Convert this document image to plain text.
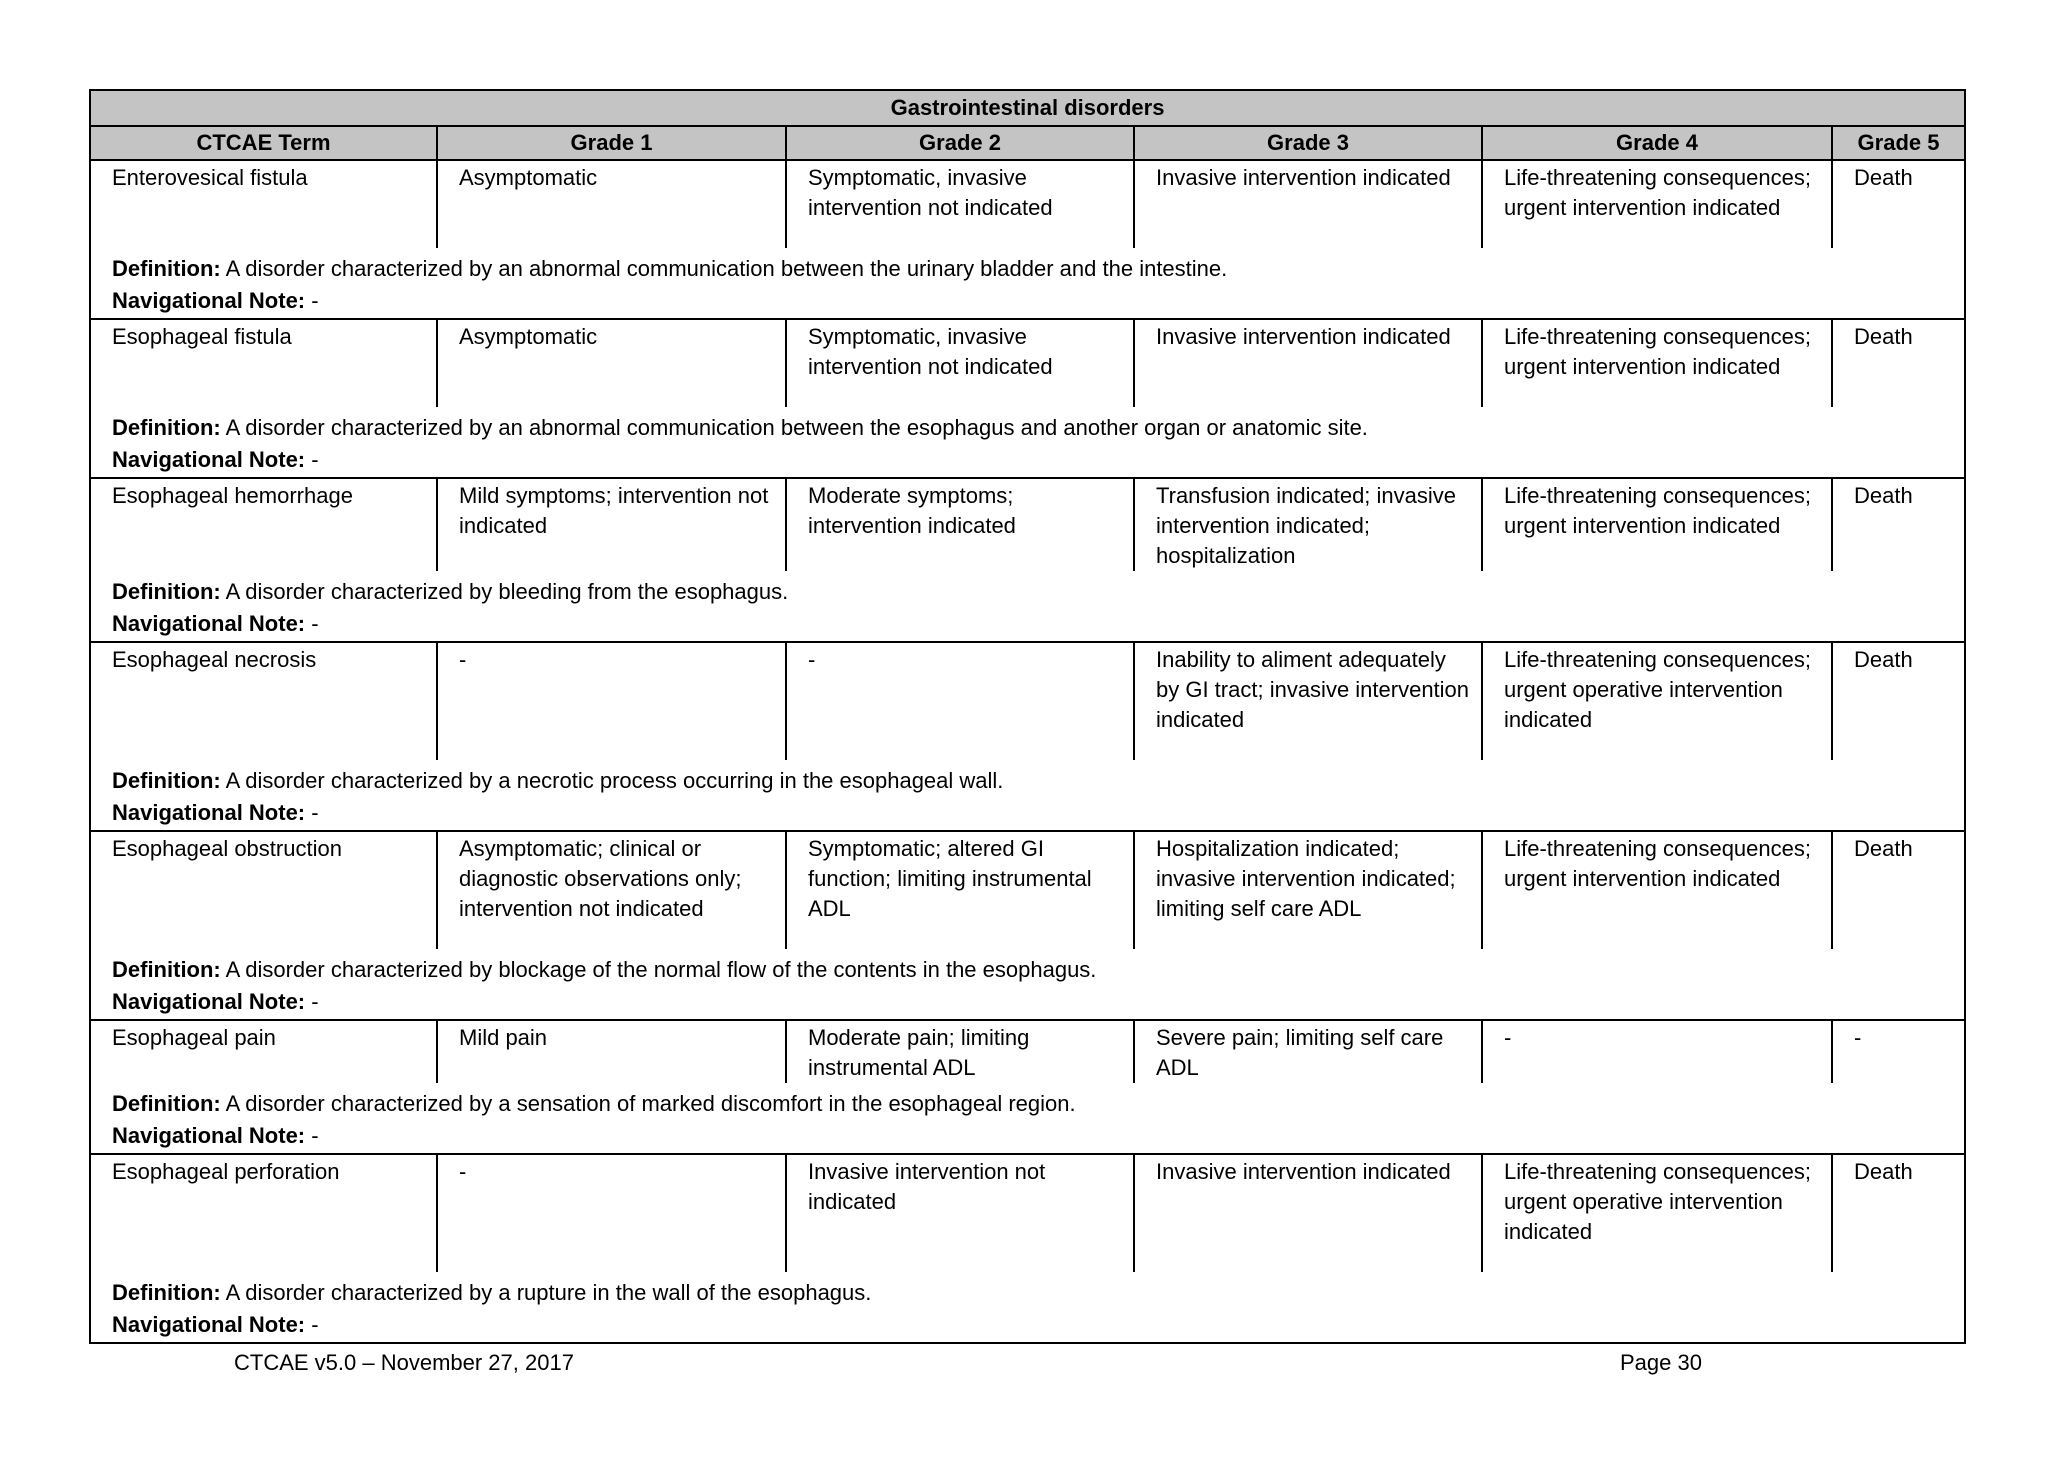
Gastrointestinal disorders					
CTCAE Term	Grade 1	Grade 2	Grade 3	Grade 4	Grade 5
Enterovesical fistula	Asymptomatic	Symptomatic, invasive intervention not indicated	Invasive intervention indicated	Life-threatening consequences; urgent intervention indicated	Death
Definition: A disorder characterized by an abnormal communication between the urinary bladder and the intestine.					
Navigational Note: -					
Esophageal fistula	Asymptomatic	Symptomatic, invasive intervention not indicated	Invasive intervention indicated	Life-threatening consequences; urgent intervention indicated	Death
Definition: A disorder characterized by an abnormal communication between the esophagus and another organ or anatomic site.					
Navigational Note: -					
Esophageal hemorrhage	Mild symptoms; intervention not indicated	Moderate symptoms; intervention indicated	Transfusion indicated; invasive intervention indicated; hospitalization	Life-threatening consequences; urgent intervention indicated	Death
Definition: A disorder characterized by bleeding from the esophagus.					
Navigational Note: -					
Esophageal necrosis	-	-	Inability to aliment adequately by GI tract; invasive intervention indicated	Life-threatening consequences; urgent operative intervention indicated	Death
Definition: A disorder characterized by a necrotic process occurring in the esophageal wall.					
Navigational Note: -					
Esophageal obstruction	Asymptomatic; clinical or diagnostic observations only; intervention not indicated	Symptomatic; altered GI function; limiting instrumental ADL	Hospitalization indicated; invasive intervention indicated; limiting self care ADL	Life-threatening consequences; urgent intervention indicated	Death
Definition: A disorder characterized by blockage of the normal flow of the contents in the esophagus.					
Navigational Note: -					
Esophageal pain	Mild pain	Moderate pain; limiting instrumental ADL	Severe pain; limiting self care ADL	-	-
Definition: A disorder characterized by a sensation of marked discomfort in the esophageal region.					
Navigational Note: -					
Esophageal perforation	-	Invasive intervention not indicated	Invasive intervention indicated	Life-threatening consequences; urgent operative intervention indicated	Death
Definition: A disorder characterized by a rupture in the wall of the esophagus.					
Navigational Note: -					
CTCAE v5.0 – November 27, 2017	Page 30
